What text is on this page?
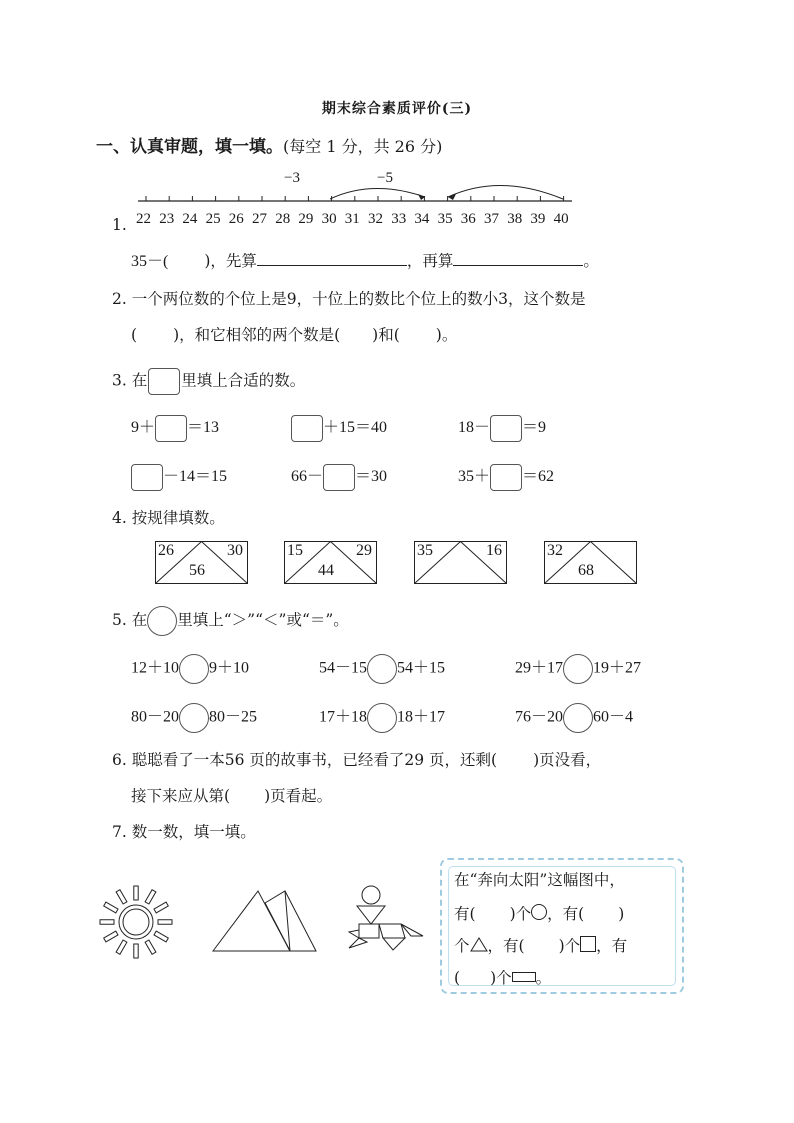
期末综合素质评价(三)
一、认真审题，填一填。(每空 1 分，共 26 分)
−3	−5
22 23 24 25 26 27 28 29 30 31 32 33 34 35 36 37 38 39 40
1.
35－( )，先算	，再算	。
2. 一个两位数的个位上是9，十位上的数比个位上的数小3，这个数是
( )，和它相邻的两个数是( )和( )。
3. 在 里填上合适的数。
9＋ ＝13	＋15＝40	18－ ＝9
－14＝15	66－ ＝30	35＋ ＝62
4. 按规律填数。
26	30
56
15	29
44
35	16	32
68
5. 在 里填上“＞”“＜”或“＝”。
12＋10 9＋10	54－15 54＋15	29＋17 19＋27
80－20 80－25	17＋18 18＋17	76－20 60－4
6. 聪聪看了一本56 页的故事书，已经看了29 页，还剩( )页没看，
接下来应从第( )页看起。
7. 数一数，填一填。
在“奔向太阳”这幅图中，
有( )个 ，有( )
个 ，有( )个 ，有
( )个 。
